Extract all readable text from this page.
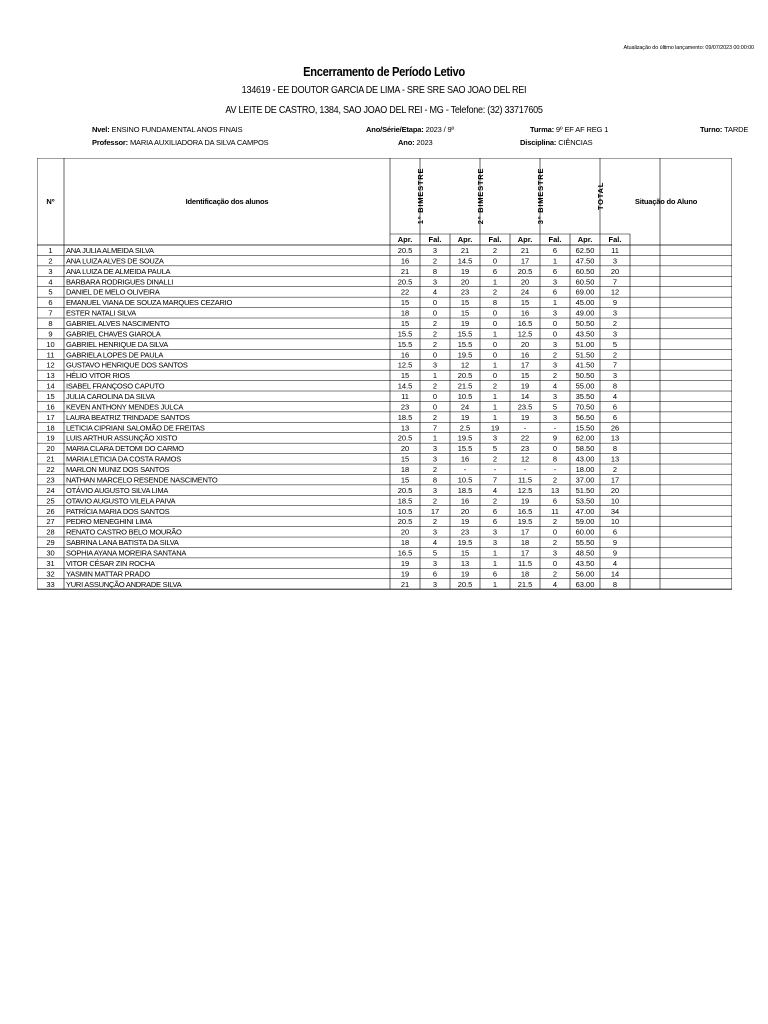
Atualização do último lançamento: 09/07/2023 00:00:00
Encerramento de Período Letivo
134619 - EE DOUTOR GARCIA DE LIMA - SRE SRE SAO JOAO DEL REI
AV LEITE DE CASTRO, 1384, SAO JOAO DEL REI - MG - Telefone: (32) 33717605
Nvel: ENSINO FUNDAMENTAL ANOS FINAIS
Professor: MARIA AUXILIADORA DA SILVA CAMPOS
Ano/Série/Etapa: 2023 / 9º
Ano: 2023
Turma: 9º EF AF REG 1
Disciplina: CIÊNCIAS
Turno: TARDE
Nº	Identificação dos alunos	Situação do Aluno
1º BIMESTRE	2º BIMESTRE	3º BIMESTRE	TOTAL
Apr. Fal. Apr. Fal. Apr. Fal. Apr. Fal.
1 ANA JULIA ALMEIDA SILVA	20.5	3	21	2	21	6 62.50 11
2 ANA LUIZA ALVES DE SOUZA	16	2	14.5	0	17	1 47.50 3
3 ANA LUIZA DE ALMEIDA PAULA	21	8	19	6	20.5	6 60.50 20
4 BARBARA RODRIGUES DINALLI	20.5	3	20	1	20	3 60.50 7
5 DANIEL DE MELO OLIVEIRA	22	4	23	2	24	6 69.00 12
6 EMANUEL VIANA DE SOUZA MARQUES CEZARIO	15	0	15	8	15	1 45.00 9
7 ESTER NATALI SILVA	18	0	15	0	16	3 49.00 3
8 GABRIEL ALVES NASCIMENTO	15	2	19	0	16.5	0 50.50 2
9 GABRIEL CHAVES GIAROLA	15.5	2	15.5	1	12.5	0 43.50 3
10 GABRIEL HENRIQUE DA SILVA	15.5	2	15.5	0	20	3 51.00 5
11 GABRIELA LOPES DE PAULA	16	0	19.5	0	16	2 51.50 2
12 GUSTAVO HENRIQUE DOS SANTOS	12.5	3	12	1	17	3 41.50 7
13 HÉLIO VITOR RIOS	15	1	20.5	0	15	2 50.50 3
14 ISABEL FRANÇOSO CAPUTO	14.5	2	21.5	2	19	4 55.00 8
15 JULIA CAROLINA DA SILVA	11	0	10.5	1	14	3 35.50 4
16 KEVEN ANTHONY MENDES JULCA	23	0	24	1	23.5	5 70.50 6
17 LAURA BEATRIZ TRINDADE SANTOS	18.5	2	19	1	19	3 56.50 6
18 LETICIA CIPRIANI SALOMÃO DE FREITAS	13	7	2.5	19	-	-	15.50 26
19 LUIS ARTHUR ASSUNÇÃO XISTO	20.5	1	19.5	3	22	9 62.00 13
20 MARIA CLARA DETOMI DO CARMO	20	3	15.5	5	23	0 58.50 8
21 MARIA LETICIA DA COSTA RAMOS	15	3	16	2	12	8 43.00 13
22 MARLON MUNIZ DOS SANTOS	18	2	-	-	-	-	18.00 2
23 NATHAN MARCELO RESENDE NASCIMENTO	15	8	10.5	7	11.5	2 37.00 17
24 OTÁVIO AUGUSTO SILVA LIMA	20.5	3	18.5	4	12.5 13 51.50 20
25 OTAVIO AUGUSTO VILELA PAIVA	18.5	2	16	2	19	6 53.50 10
26 PATRÍCIA MARIA DOS SANTOS	10.5 17	20	6	16.5	11 47.00 34
27 PEDRO MENEGHINI LIMA	20.5	2	19	6	19.5	2 59.00 10
28 RENATO CASTRO BELO MOURÃO	20	3	23	3	17	0 60.00 6
29 SABRINA LANA BATISTA DA SILVA	18	4	19.5	3	18	2 55.50 9
30 SOPHIA AYANA MOREIRA SANTANA	16.5	5	15	1	17	3 48.50 9
31 VITOR CÉSAR ZIN ROCHA	19	3	13	1	11.5	0 43.50 4
32 YASMIN MATTAR PRADO	19	6	19	6	18	2 56.00 14
33 YURI ASSUNÇÃO ANDRADE SILVA	21	3	20.5	1	21.5	4 63.00 8
